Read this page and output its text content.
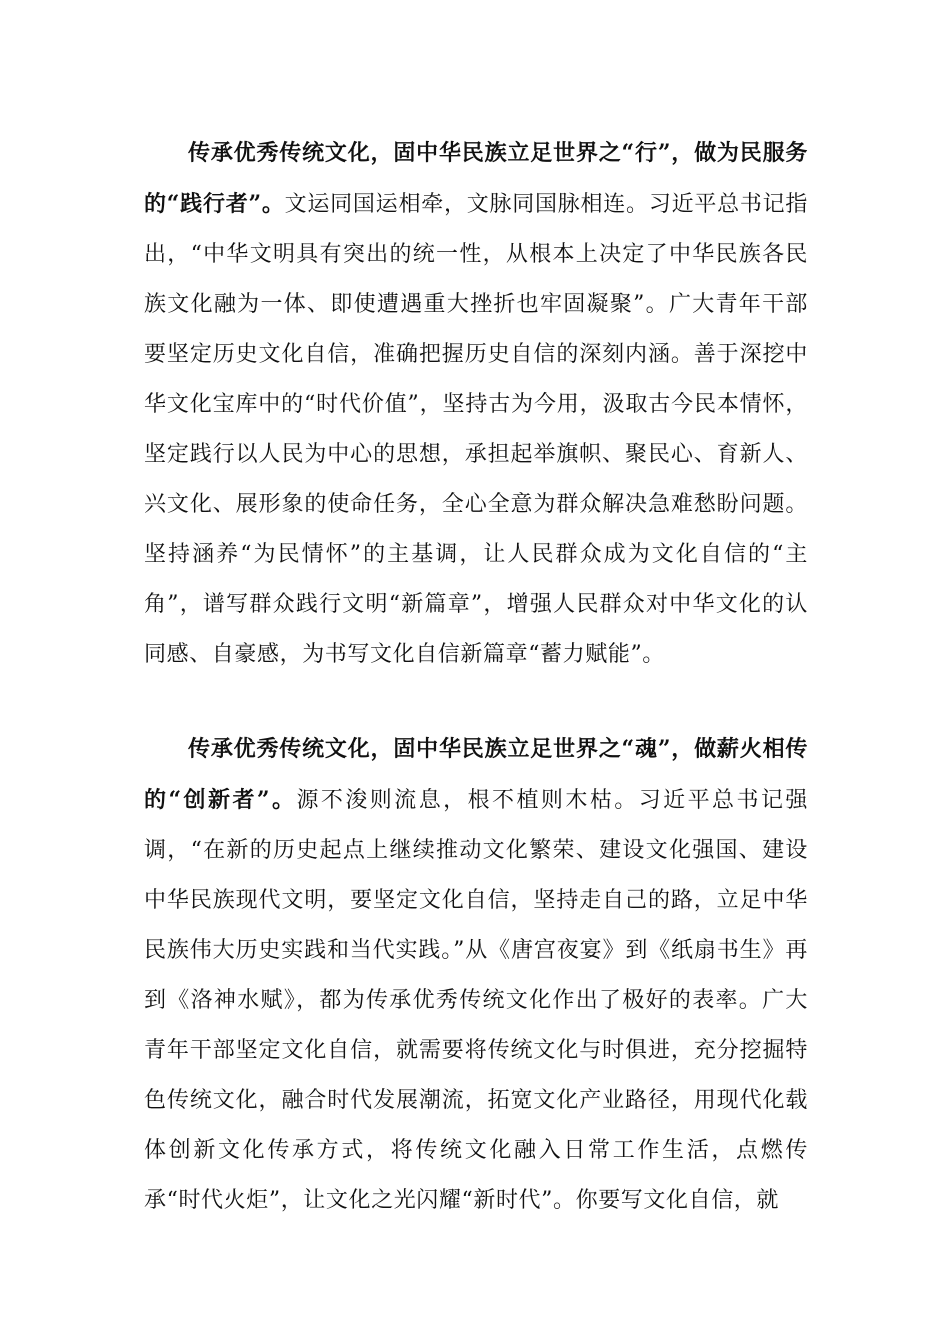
传承优秀传统文化，固中华民族立足世界之“行”，做为民服务的“践行者”。文运同国运相牵，文脉同国脉相连。习近平总书记指出，“中华文明具有突出的统一性，从根本上决定了中华民族各民族文化融为一体、即使遭遇重大挫折也牢固凝聚”。广大青年干部要坚定历史文化自信，准确把握历史自信的深刻内涵。善于深挖中华文化宝库中的“时代价值”，坚持古为今用，汲取古今民本情怀，坚定践行以人民为中心的思想，承担起举旗帜、聚民心、育新人、兴文化、展形象的使命任务，全心全意为群众解决急难愁盼问题。坚持涵养“为民情怀”的主基调，让人民群众成为文化自信的“主角”，谱写群众践行文明“新篇章”，增强人民群众对中华文化的认同感、自豪感，为书写文化自信新篇章“蓄力赋能”。

传承优秀传统文化，固中华民族立足世界之“魂”，做薪火相传的“创新者”。源不浚则流息，根不植则木枯。习近平总书记强调，“在新的历史起点上继续推动文化繁荣、建设文化强国、建设中华民族现代文明，要坚定文化自信，坚持走自己的路，立足中华民族伟大历史实践和当代实践。”从《唐宫夜宴》到《纸扇书生》再到《洛神水赋》，都为传承优秀传统文化作出了极好的表率。广大青年干部坚定文化自信，就需要将传统文化与时俱进，充分挖掘特色传统文化，融合时代发展潮流，拓宽文化产业路径，用现代化载体创新文化传承方式，将传统文化融入日常工作生活，点燃传承“时代火炬”，让文化之光闪耀“新时代”。你要写文化自信，就
